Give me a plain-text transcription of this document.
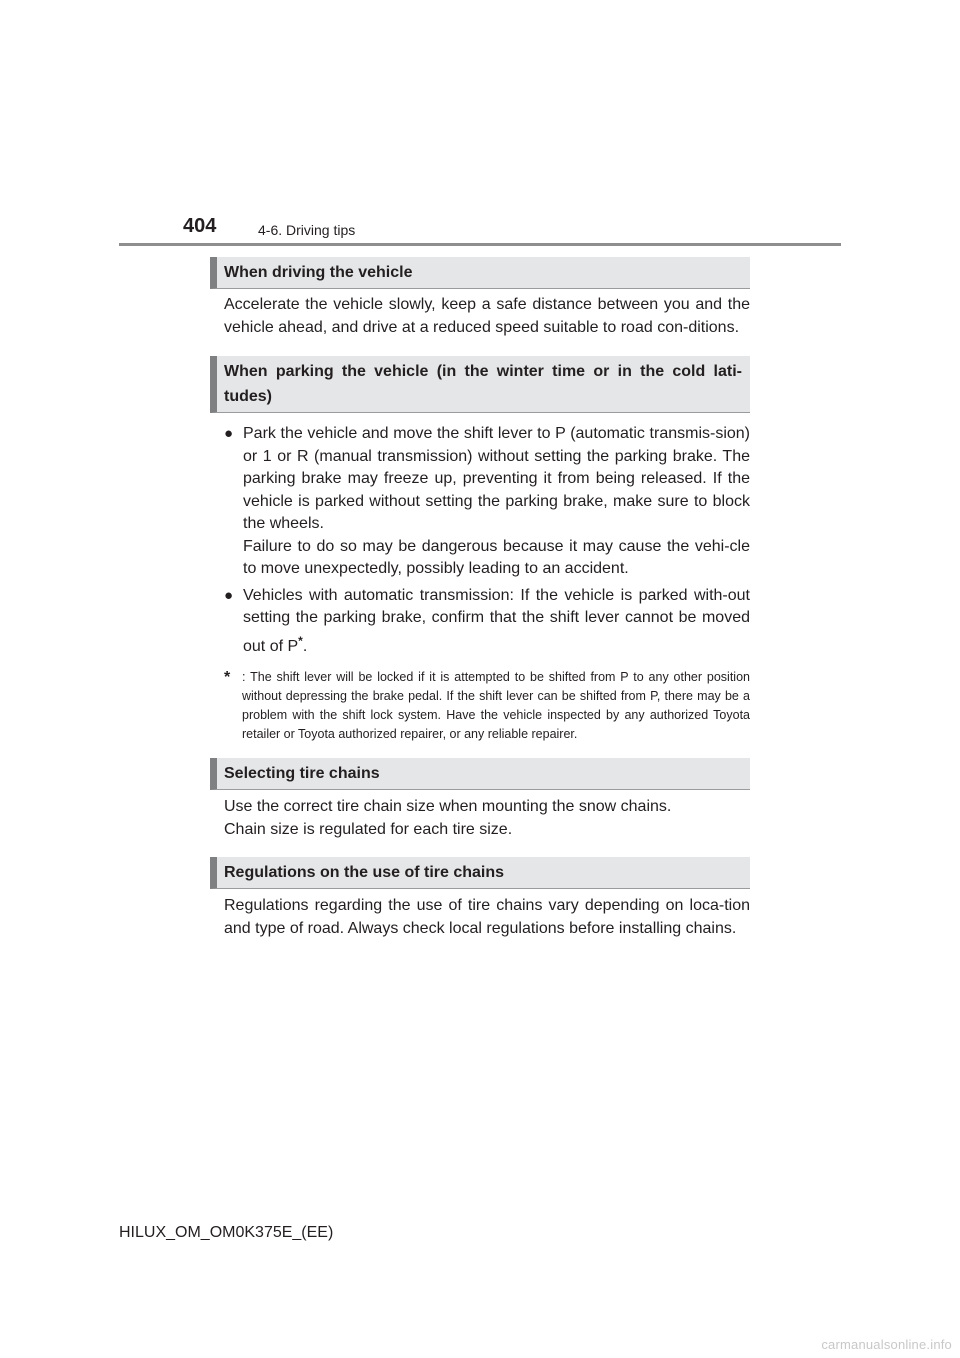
404	4-6. Driving tips
When driving the vehicle

Accelerate the vehicle slowly, keep a safe distance between you and the vehicle ahead, and drive at a reduced speed suitable to road con-ditions.

When parking the vehicle (in the winter time or in the cold lati-tudes)
● Park the vehicle and move the shift lever to P (automatic transmis-sion) or 1 or R (manual transmission) without setting the parking brake. The parking brake may freeze up, preventing it from being released. If the vehicle is parked without setting the parking brake, make sure to block the wheels.

Failure to do so may be dangerous because it may cause the vehi-cle to move unexpectedly, possibly leading to an accident.

● Vehicles with automatic transmission: If the vehicle is parked with-out setting the parking brake, confirm that the shift lever cannot be moved out of P*.

* : The shift lever will be locked if it is attempted to be shifted from P to any other position without depressing the brake pedal. If the shift lever can be shifted from P, there may be a problem with the shift lock system. Have the vehicle inspected by any authorized Toyota retailer or Toyota authorized repairer, or any reliable repairer.
Selecting tire chains

Use the correct tire chain size when mounting the snow chains.
Chain size is regulated for each tire size.

Regulations on the use of tire chains

Regulations regarding the use of tire chains vary depending on loca-tion and type of road. Always check local regulations before installing chains.

HILUX_OM_OM0K375E_(EE)
carmanualsonline.info
